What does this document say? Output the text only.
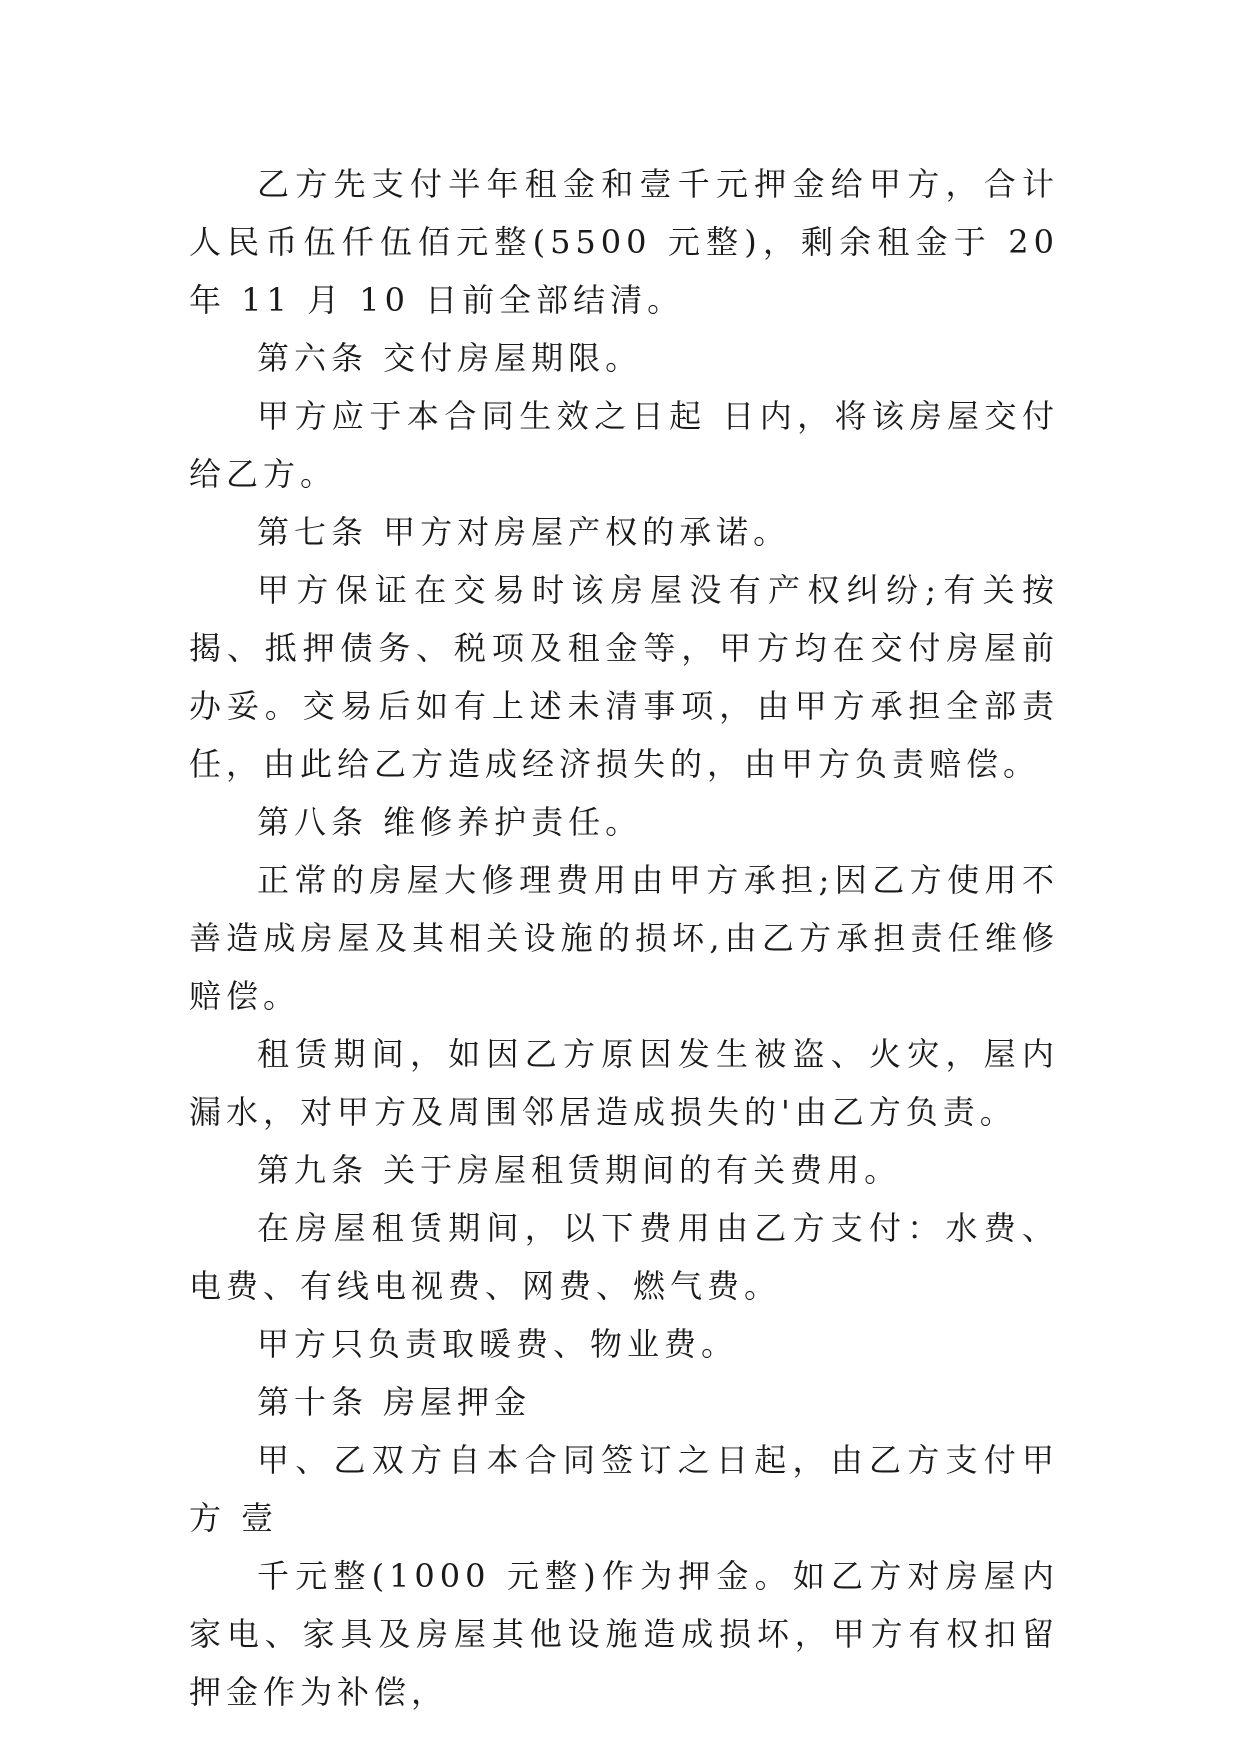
乙方先支付半年租金和壹千元押金给甲方，合计人民币伍仟伍佰元整(5500 元整)，剩余租金于 20 年 11 月 10 日前全部结清。

第六条 交付房屋期限。

甲方应于本合同生效之日起 日内，将该房屋交付给乙方。

第七条 甲方对房屋产权的承诺。

甲方保证在交易时该房屋没有产权纠纷;有关按揭、抵押债务、税项及租金等，甲方均在交付房屋前办妥。交易后如有上述未清事项，由甲方承担全部责任，由此给乙方造成经济损失的，由甲方负责赔偿。

第八条 维修养护责任。

正常的房屋大修理费用由甲方承担;因乙方使用不善造成房屋及其相关设施的损坏,由乙方承担责任维修赔偿。

租赁期间，如因乙方原因发生被盗、火灾，屋内漏水，对甲方及周围邻居造成损失的'由乙方负责。

第九条 关于房屋租赁期间的有关费用。

在房屋租赁期间，以下费用由乙方支付：水费、电费、有线电视费、网费、燃气费。

甲方只负责取暖费、物业费。

第十条 房屋押金

甲、乙双方自本合同签订之日起，由乙方支付甲方 壹

千元整(1000 元整)作为押金。如乙方对房屋内家电、家具及房屋其他设施造成损坏，甲方有权扣留押金作为补偿，
